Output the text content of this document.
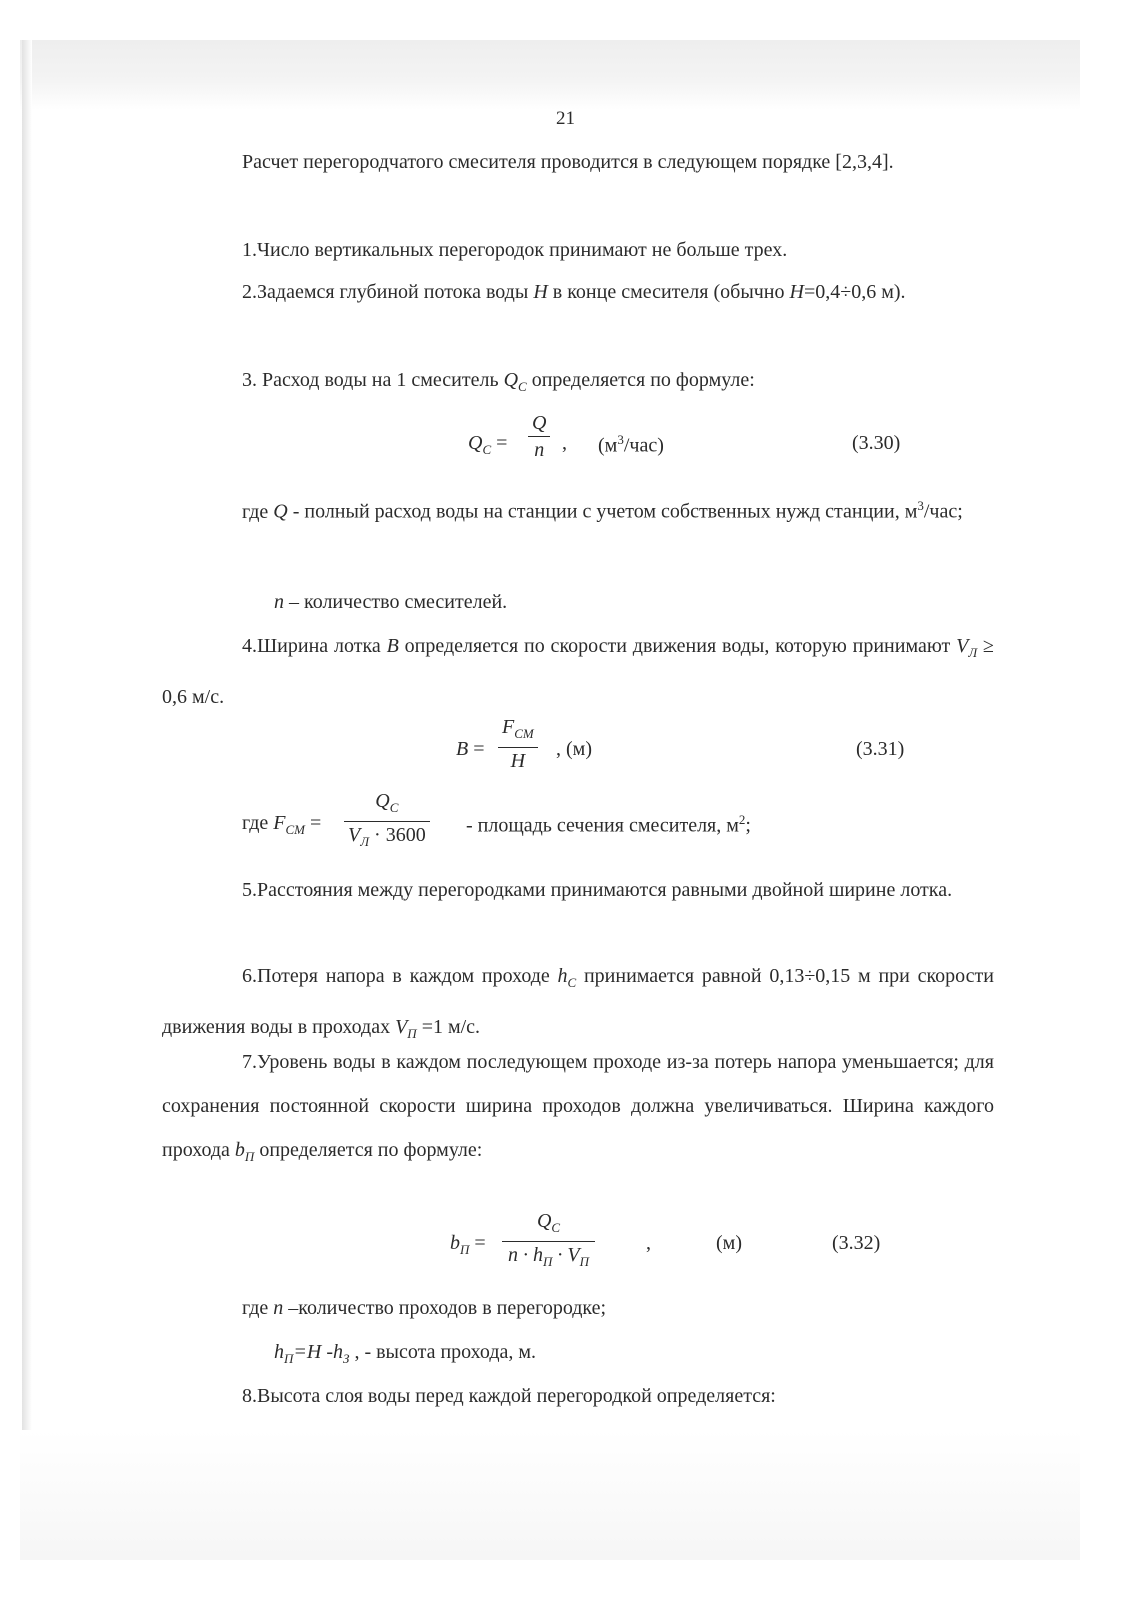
21

Расчет перегородчатого смесителя проводится в следующем порядке [2,3,4].

1.Число вертикальных перегородок принимают не больше трех.

2.Задаемся глубиной потока воды H в конце смесителя (обычно H=0,4÷0,6 м).

3. Расход воды на 1 смеситель $Q_C$ определяется по формуле:

$Q_C = \frac{Q}{n}$ , $(м^3/час)$	(3.30)

где Q - полный расход воды на станции с учетом собственных нужд станции, $м^3$/час;

n – количество смесителей.

4.Ширина лотка B определяется по скорости движения воды, которую принимают $V_Л \ge 0,6$ м/с.

B =
$F_{CM}$
H
, (м)	(3.31)
где $F_{CM}$ =
$Q_C$
$V_Л \cdot 3600$ - площадь сечения смесителя, $м^2$;

5.Расстояния между перегородками принимаются равными двойной ширине лотка.

6.Потеря напора в каждом проходе $h_C$ принимается равной 0,13÷0,15 м при скорости движения воды в проходах $V_П =1$ м/с.

7.Уровень воды в каждом последующем проходе из-за потерь напора уменьшается; для сохранения постоянной скорости ширина проходов должна увеличиваться. Ширина каждого прохода $b_П$ определяется по формуле:

$b_П$ =
$Q_C$
$n \cdot h_П \cdot V_П$
,	(м)	(3.32)

где n –количество проходов в перегородке;

$h_П=H$ $-h_З$ , - высота прохода, м.

8.Высота слоя воды перед каждой перегородкой определяется:
